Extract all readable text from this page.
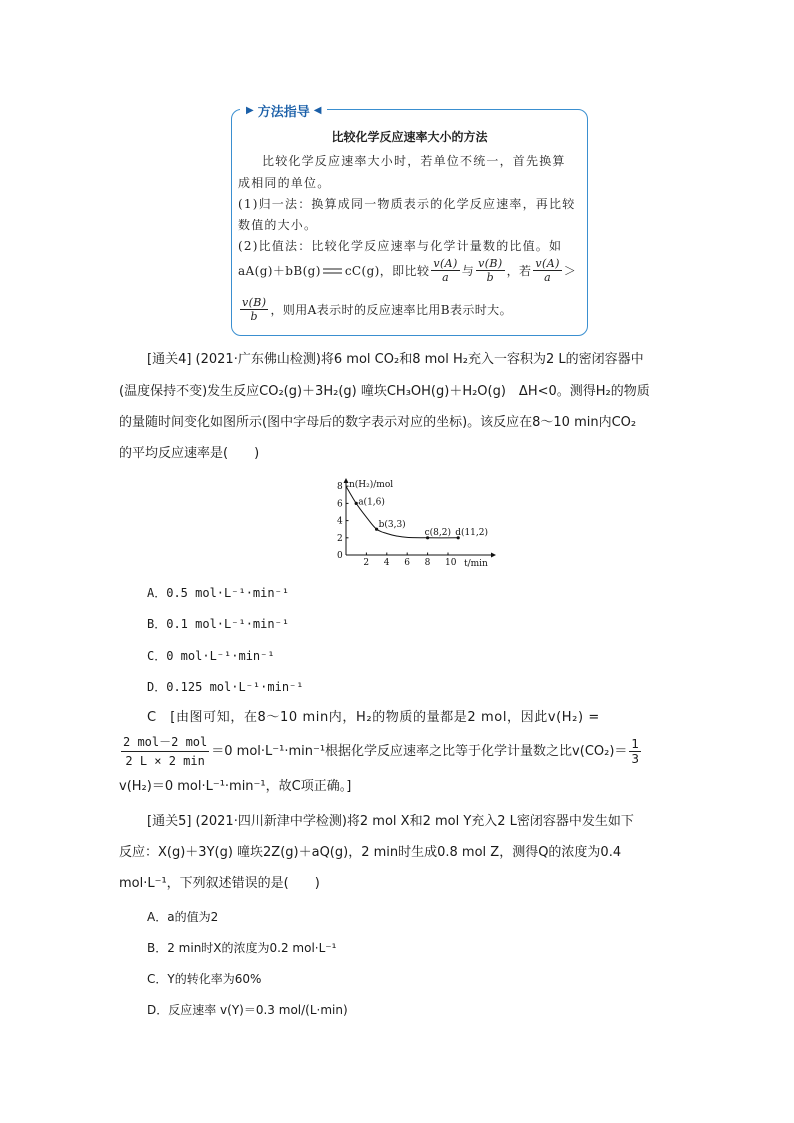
▶ 方法指导 ◀
比较化学反应速率大小的方法
比较化学反应速率大小时，若单位不统一，首先换算
成相同的单位。
(1)归一法：换算成同一物质表示的化学反应速率，再比较
数值的大小。
(2)比值法：比较化学反应速率与化学计量数的比值。如
aA(g)＋bB(g) cC(g)，即比较 $\frac{v(A)}{a}$ 与 $\frac{v(B)}{b}$ ，若 $\frac{v(A)}{a}$ ＞
$\frac{v(B)}{b}$ ，则用A表示时的反应速率比用B表示时大。
[通关4] (2021·广东佛山检测)将6 mol CO₂和8 mol H₂充入一容积为2 L的密闭容器中
(温度保持不变)发生反应CO₂(g)＋3H₂(g) 噇垁CH₃OH(g)＋H₂O(g)　ΔH<0。测得H₂的物质
的量随时间变化如图所示(图中字母后的数字表示对应的坐标)。该反应在8～10 min内CO₂
的平均反应速率是(　　)
2 4 6 8 10
0
2
4
6
8
a(1,6)
b(3,3)
c(8,2) d(11,2)
n(H₂)/mol
t/min
A．0.5 mol·L⁻¹·min⁻¹
B．0.1 mol·L⁻¹·min⁻¹
C．0 mol·L⁻¹·min⁻¹
D．0.125 mol·L⁻¹·min⁻¹
C　[由图可知，在8～10 min内，H₂的物质的量都是2 mol，因此v(H₂) =
$\frac{\text{2 mol－2 mol}}{2 L \times 2 \min} =0$ mol·L⁻¹·min⁻¹根据化学反应速率之比等于化学计量数之比$v(CO_2)= \frac{1}{3}$
v(H₂)＝0 mol·L⁻¹·min⁻¹，故C项正确。]
[通关5] (2021·四川新津中学检测)将2 mol X和2 mol Y充入2 L密闭容器中发生如下
反应：X(g)＋3Y(g) 噇垁2Z(g)＋aQ(g)，2 min时生成0.8 mol Z，测得Q的浓度为0.4
mol·L⁻¹，下列叙述错误的是(　　)
A．a的值为2
B．2 min时X的浓度为0.2 mol·L⁻¹
C．Y的转化率为60%
D．反应速率 v(Y)＝0.3 mol/(L·min)
